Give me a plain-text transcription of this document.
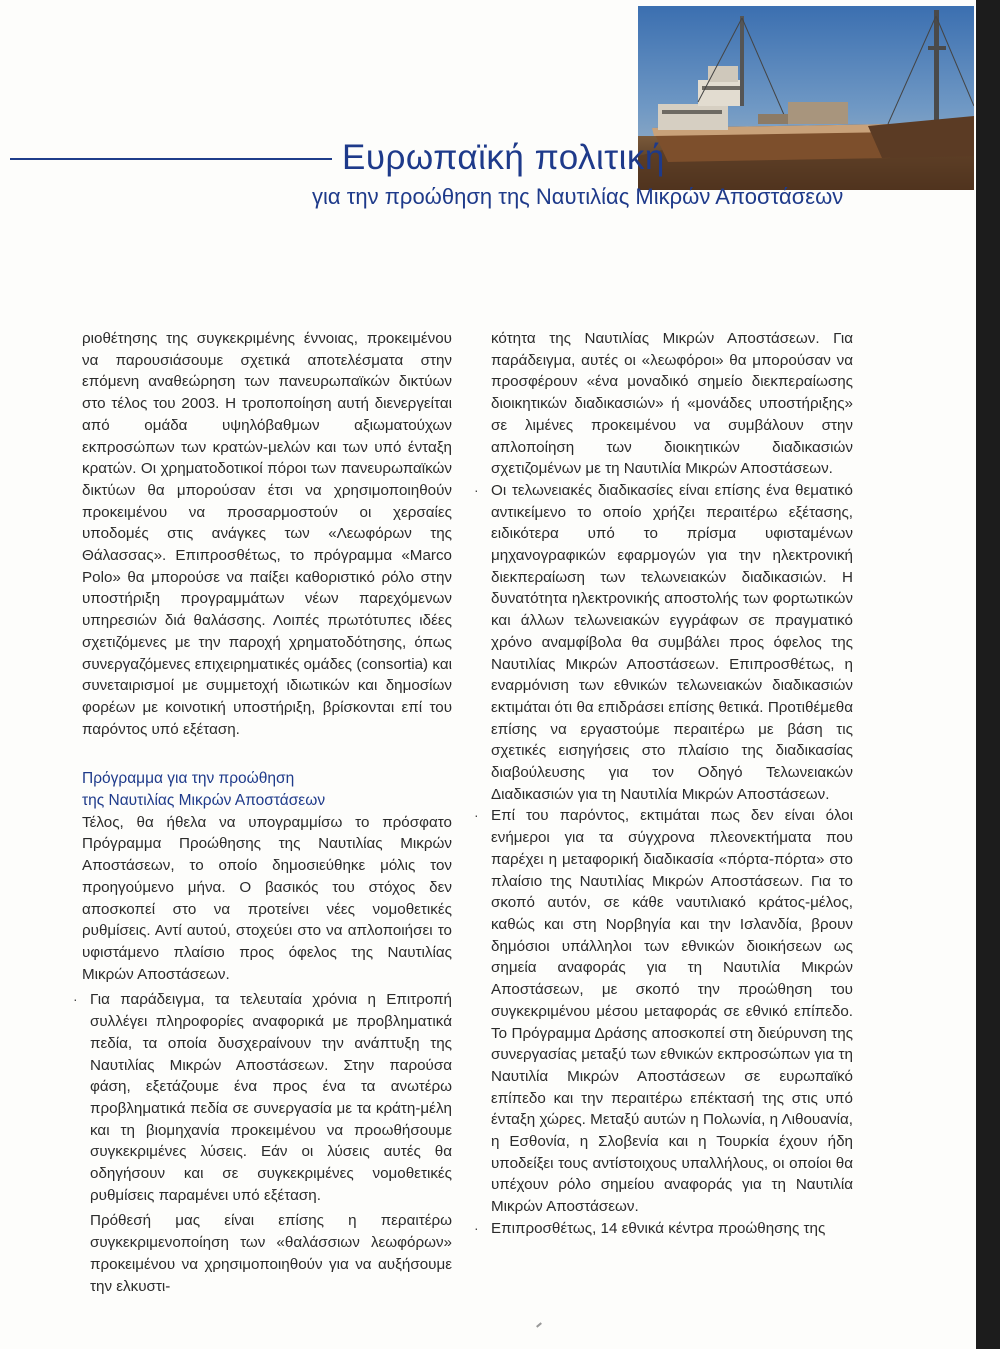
Ευρωπαϊκή πολιτική

για την προώθηση της Ναυτιλίας Μικρών Αποστάσεων

ριοθέτησης της συγκεκριμένης έννοιας, προκειμένου να παρουσιάσουμε σχετικά αποτελέσματα στην επόμενη αναθεώρηση των πανευρωπαϊκών δικτύων στο τέλος του 2003. Η τροποποίηση αυτή διενεργείται από ομάδα υψηλόβαθμων αξιωματούχων εκπροσώπων των κρατών-μελών και των υπό ένταξη κρατών. Οι χρηματοδοτικοί πόροι των πανευρωπαϊκών δικτύων θα μπορούσαν έτσι να χρησιμοποιηθούν προκειμένου να προσαρμοστούν οι χερσαίες υποδομές στις ανάγκες των «Λεωφόρων της Θάλασσας». Επιπροσθέτως, το πρόγραμμα «Marco Polo» θα μπορούσε να παίξει καθοριστικό ρόλο στην υποστήριξη προγραμμάτων νέων παρεχόμενων υπηρεσιών διά θαλάσσης. Λοιπές πρωτότυπες ιδέες σχετιζόμενες με την παροχή χρηματοδότησης, όπως συνεργαζόμενες επιχειρηματικές ομάδες (consortia) και συνεταιρισμοί με συμμετοχή ιδιωτικών και δημοσίων φορέων με κοινοτική υποστήριξη, βρίσκονται επί του παρόντος υπό εξέταση.

Πρόγραμμα για την προώθηση
της Ναυτιλίας Μικρών Αποστάσεων

Τέλος, θα ήθελα να υπογραμμίσω το πρόσφατο Πρόγραμμα Προώθησης της Ναυτιλίας Μικρών Αποστάσεων, το οποίο δημοσιεύθηκε μόλις τον προηγούμενο μήνα. Ο βασικός του στόχος δεν αποσκοπεί στο να προτείνει νέες νομοθετικές ρυθμίσεις. Αντί αυτού, στοχεύει στο να απλοποιήσει το υφιστάμενο πλαίσιο προς όφελος της Ναυτιλίας Μικρών Αποστάσεων.

· Για παράδειγμα, τα τελευταία χρόνια η Επιτροπή συλλέγει πληροφορίες αναφορικά με προβληματικά πεδία, τα οποία δυσχεραίνουν την ανάπτυξη της Ναυτιλίας Μικρών Αποστάσεων. Στην παρούσα φάση, εξετάζουμε ένα προς ένα τα ανωτέρω προβληματικά πεδία σε συνεργασία με τα κράτη-μέλη και τη βιομηχανία προκειμένου να προωθήσουμε συγκεκριμένες λύσεις. Εάν οι λύσεις αυτές θα οδηγήσουν και σε συγκεκριμένες νομοθετικές ρυθμίσεις παραμένει υπό εξέταση.

Πρόθεσή μας είναι επίσης η περαιτέρω συγκεκριμενοποίηση των «θαλάσσιων λεωφόρων» προκειμένου να χρησιμοποιηθούν για να αυξήσουμε την ελκυστι-

κότητα της Ναυτιλίας Μικρών Αποστάσεων. Για παράδειγμα, αυτές οι «λεωφόροι» θα μπορούσαν να προσφέρουν «ένα μοναδικό σημείο διεκπεραίωσης διοικητικών διαδικασιών» ή «μονάδες υποστήριξης» σε λιμένες προκειμένου να συμβάλουν στην απλοποίηση των διοικητικών διαδικασιών σχετιζομένων με τη Ναυτιλία Μικρών Αποστάσεων.

· Οι τελωνειακές διαδικασίες είναι επίσης ένα θεματικό αντικείμενο το οποίο χρήζει περαιτέρω εξέτασης, ειδικότερα υπό το πρίσμα υφισταμένων μηχανογραφικών εφαρμογών για την ηλεκτρονική διεκπεραίωση των τελωνειακών διαδικασιών. Η δυνατότητα ηλεκτρονικής αποστολής των φορτωτικών και άλλων τελωνειακών εγγράφων σε πραγματικό χρόνο αναμφίβολα θα συμβάλει προς όφελος της Ναυτιλίας Μικρών Αποστάσεων. Επιπροσθέτως, η εναρμόνιση των εθνικών τελωνειακών διαδικασιών εκτιμάται ότι θα επιδράσει επίσης θετικά. Προτιθέμεθα επίσης να εργαστούμε περαιτέρω με βάση τις σχετικές εισηγήσεις στο πλαίσιο της διαδικασίας διαβούλευσης για τον Οδηγό Τελωνειακών Διαδικασιών για τη Ναυτιλία Μικρών Αποστάσεων.

· Επί του παρόντος, εκτιμάται πως δεν είναι όλοι ενήμεροι για τα σύγχρονα πλεονεκτήματα που παρέχει η μεταφορική διαδικασία «πόρτα-πόρτα» στο πλαίσιο της Ναυτιλίας Μικρών Αποστάσεων. Για το σκοπό αυτόν, σε κάθε ναυτιλιακό κράτος-μέλος, καθώς και στη Νορβηγία και την Ισλανδία, βρουν δημόσιοι υπάλληλοι των εθνικών διοικήσεων ως σημεία αναφοράς για τη Ναυτιλία Μικρών Αποστάσεων, με σκοπό την προώθηση του συγκεκριμένου μέσου μεταφοράς σε εθνικό επίπεδο. Το Πρόγραμμα Δράσης αποσκοπεί στη διεύρυνση της συνεργασίας μεταξύ των εθνικών εκπροσώπων για τη Ναυτιλία Μικρών Αποστάσεων σε ευρωπαϊκό επίπεδο και την περαιτέρω επέκτασή της στις υπό ένταξη χώρες. Μεταξύ αυτών η Πολωνία, η Λιθουανία, η Εσθονία, η Σλοβενία και η Τουρκία έχουν ήδη υποδείξει τους αντίστοιχους υπαλλήλους, οι οποίοι θα υπέχουν ρόλο σημείου αναφοράς για τη Ναυτιλία Μικρών Αποστάσεων.

· Επιπροσθέτως, 14 εθνικά κέντρα προώθησης της
